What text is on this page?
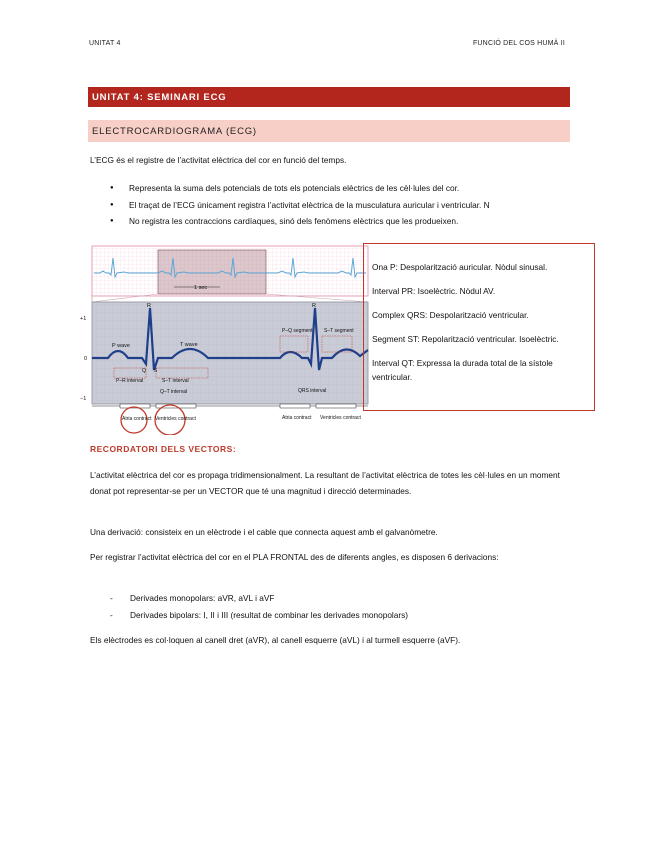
UNITAT 4	FUNCIÓ DEL COS HUMÀ II
UNITAT 4: SEMINARI ECG
ELECTROCARDIOGRAMA (ECG)
L’ECG és el registre de l’activitat elèctrica del cor en funció del temps.
● Representa la suma dels potencials de tots els potencials elèctrics de les cèl·lules del cor.
● El traçat de l’ECG únicament registra l’activitat elèctrica de la musculatura auricular i ventricular. N
● No registra les contraccions cardíaques, sinó dels fenòmens elèctrics que les produeixen.
1 sec
+1
0
−1
R	R
P wave	T wave
Q S
P–R interval	S–T interval
Q–T interval
P–Q segment S–T segment
QRS interval
Atria contract Ventricles contract	Atria contract Ventricles contract
Ona P: Despolarització auricular. Nòdul sinusal.
Interval PR: Isoelèctric. Nòdul AV.
Complex QRS: Despolarització ventricular.
Segment ST: Repolarització ventricular. Isoelèctric.
Interval QT: Expressa la durada total de la sístole ventricular.
RECORDATORI DELS VECTORS:
L’activitat elèctrica del cor es propaga tridimensionalment. La resultant de l’activitat elèctrica de totes les cèl·lules en un moment donat pot representar-se per un VECTOR que té una magnitud i direcció determinades.
Una derivació: consisteix en un elèctrode i el cable que connecta aquest amb el galvanòmetre.
Per registrar l’activitat elèctrica del cor en el PLA FRONTAL des de diferents angles, es disposen 6 derivacions:
- Derivades monopolars: aVR, aVL i aVF
- Derivades bipolars: I, II i III (resultat de combinar les derivades monopolars)
Els elèctrodes es col·loquen al canell dret (aVR), al canell esquerre (aVL) i al turmell esquerre (aVF).
